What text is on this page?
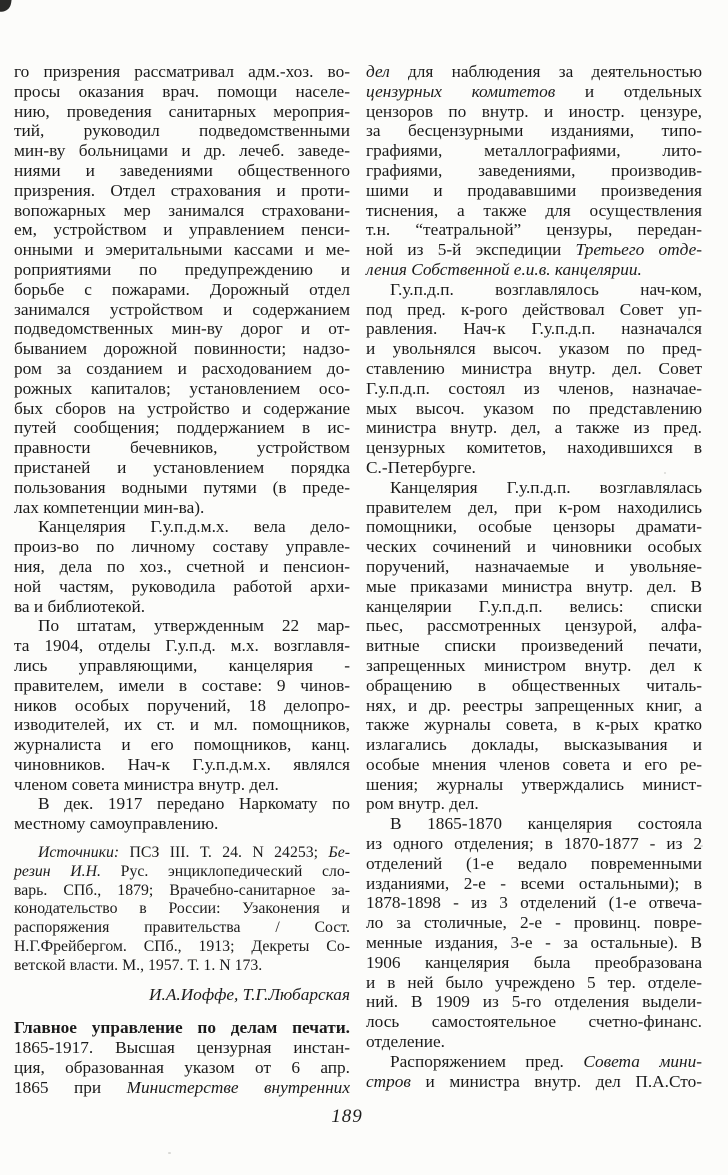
го призрения рассматривал адм.-хоз. во-
просы оказания врач. помощи населе-
нию, проведения санитарных мероприя-
тий, руководил подведомственными
мин-ву больницами и др. лечеб. заведе-
ниями и заведениями общественного
призрения. Отдел страхования и проти-
вопожарных мер занимался страховани-
ем, устройством и управлением пенси-
онными и эмеритальными кассами и ме-
роприятиями по предупреждению и
борьбе с пожарами. Дорожный отдел
занимался устройством и содержанием
подведомственных мин-ву дорог и от-
быванием дорожной повинности; надзо-
ром за созданием и расходованием до-
рожных капиталов; установлением осо-
бых сборов на устройство и содержание
путей сообщения; поддержанием в ис-
правности бечевников, устройством
пристаней и установлением порядка
пользования водными путями (в преде-
лах компетенции мин-ва).
Канцелярия Г.у.п.д.м.х. вела дело-
произ-во по личному составу управле-
ния, дела по хоз., счетной и пенсион-
ной частям, руководила работой архи-
ва и библиотекой.
По штатам, утвержденным 22 мар-
та 1904, отделы Г.у.п.д. м.х. возглавля-
лись управляющими, канцелярия -
правителем, имели в составе: 9 чинов-
ников особых поручений, 18 делопро-
изводителей, их ст. и мл. помощников,
журналиста и его помощников, канц.
чиновников. Нач-к Г.у.п.д.м.х. являлся
членом совета министра внутр. дел.
В дек. 1917 передано Наркомату по
местному самоуправлению.
Источники: ПСЗ III. Т. 24. N 24253; Бе-
резин И.Н. Рус. энциклопедический сло-
варь. СПб., 1879; Врачебно-санитарное за-
конодательство в России: Узаконения и
распоряжения правительства / Сост.
Н.Г.Фрейбергом. СПб., 1913; Декреты Со-
ветской власти. М., 1957. Т. 1. N 173.
И.А.Иоффе, Т.Г.Любарская
Главное управление по делам печати.
1865-1917. Высшая цензурная инстан-
ция, образованная указом от 6 апр.
1865 при Министерстве внутренних
дел для наблюдения за деятельностью
цензурных комитетов и отдельных
цензоров по внутр. и иностр. цензуре,
за бесцензурными изданиями, типо-
графиями, металлографиями, лито-
графиями, заведениями, производив-
шими и продававшими произведения
тиснения, а также для осуществления
т.н. “театральной” цензуры, передан-
ной из 5-й экспедиции Третьего отде-
ления Собственной е.и.в. канцелярии.
Г.у.п.д.п. возглавлялось нач-ком,
под пред. к-рого действовал Совет уп-
равления. Нач-к Г.у.п.д.п. назначался
и увольнялся высоч. указом по пред-
ставлению министра внутр. дел. Совет
Г.у.п.д.п. состоял из членов, назначае-
мых высоч. указом по представлению
министра внутр. дел, а также из пред.
цензурных комитетов, находившихся в
С.-Петербурге.
Канцелярия Г.у.п.д.п. возглавлялась
правителем дел, при к-ром находились
помощники, особые цензоры драмати-
ческих сочинений и чиновники особых
поручений, назначаемые и увольняе-
мые приказами министра внутр. дел. В
канцелярии Г.у.п.д.п. велись: списки
пьес, рассмотренных цензурой, алфа-
витные списки произведений печати,
запрещенных министром внутр. дел к
обращению в общественных читаль-
нях, и др. реестры запрещенных книг, а
также журналы совета, в к-рых кратко
излагались доклады, высказывания и
особые мнения членов совета и его ре-
шения; журналы утверждались минист-
ром внутр. дел.
В 1865-1870 канцелярия состояла
из одного отделения; в 1870-1877 - из 2
отделений (1-е ведало повременными
изданиями, 2-е - всеми остальными); в
1878-1898 - из 3 отделений (1-е отвеча-
ло за столичные, 2-е - провинц. повре-
менные издания, 3-е - за остальные). В
1906 канцелярия была преобразована
и в ней было учреждено 5 тер. отделе-
ний. В 1909 из 5-го отделения выдели-
лось самостоятельное счетно-финанс.
отделение.
Распоряжением пред. Совета мини-
стров и министра внутр. дел П.А.Сто-
189
